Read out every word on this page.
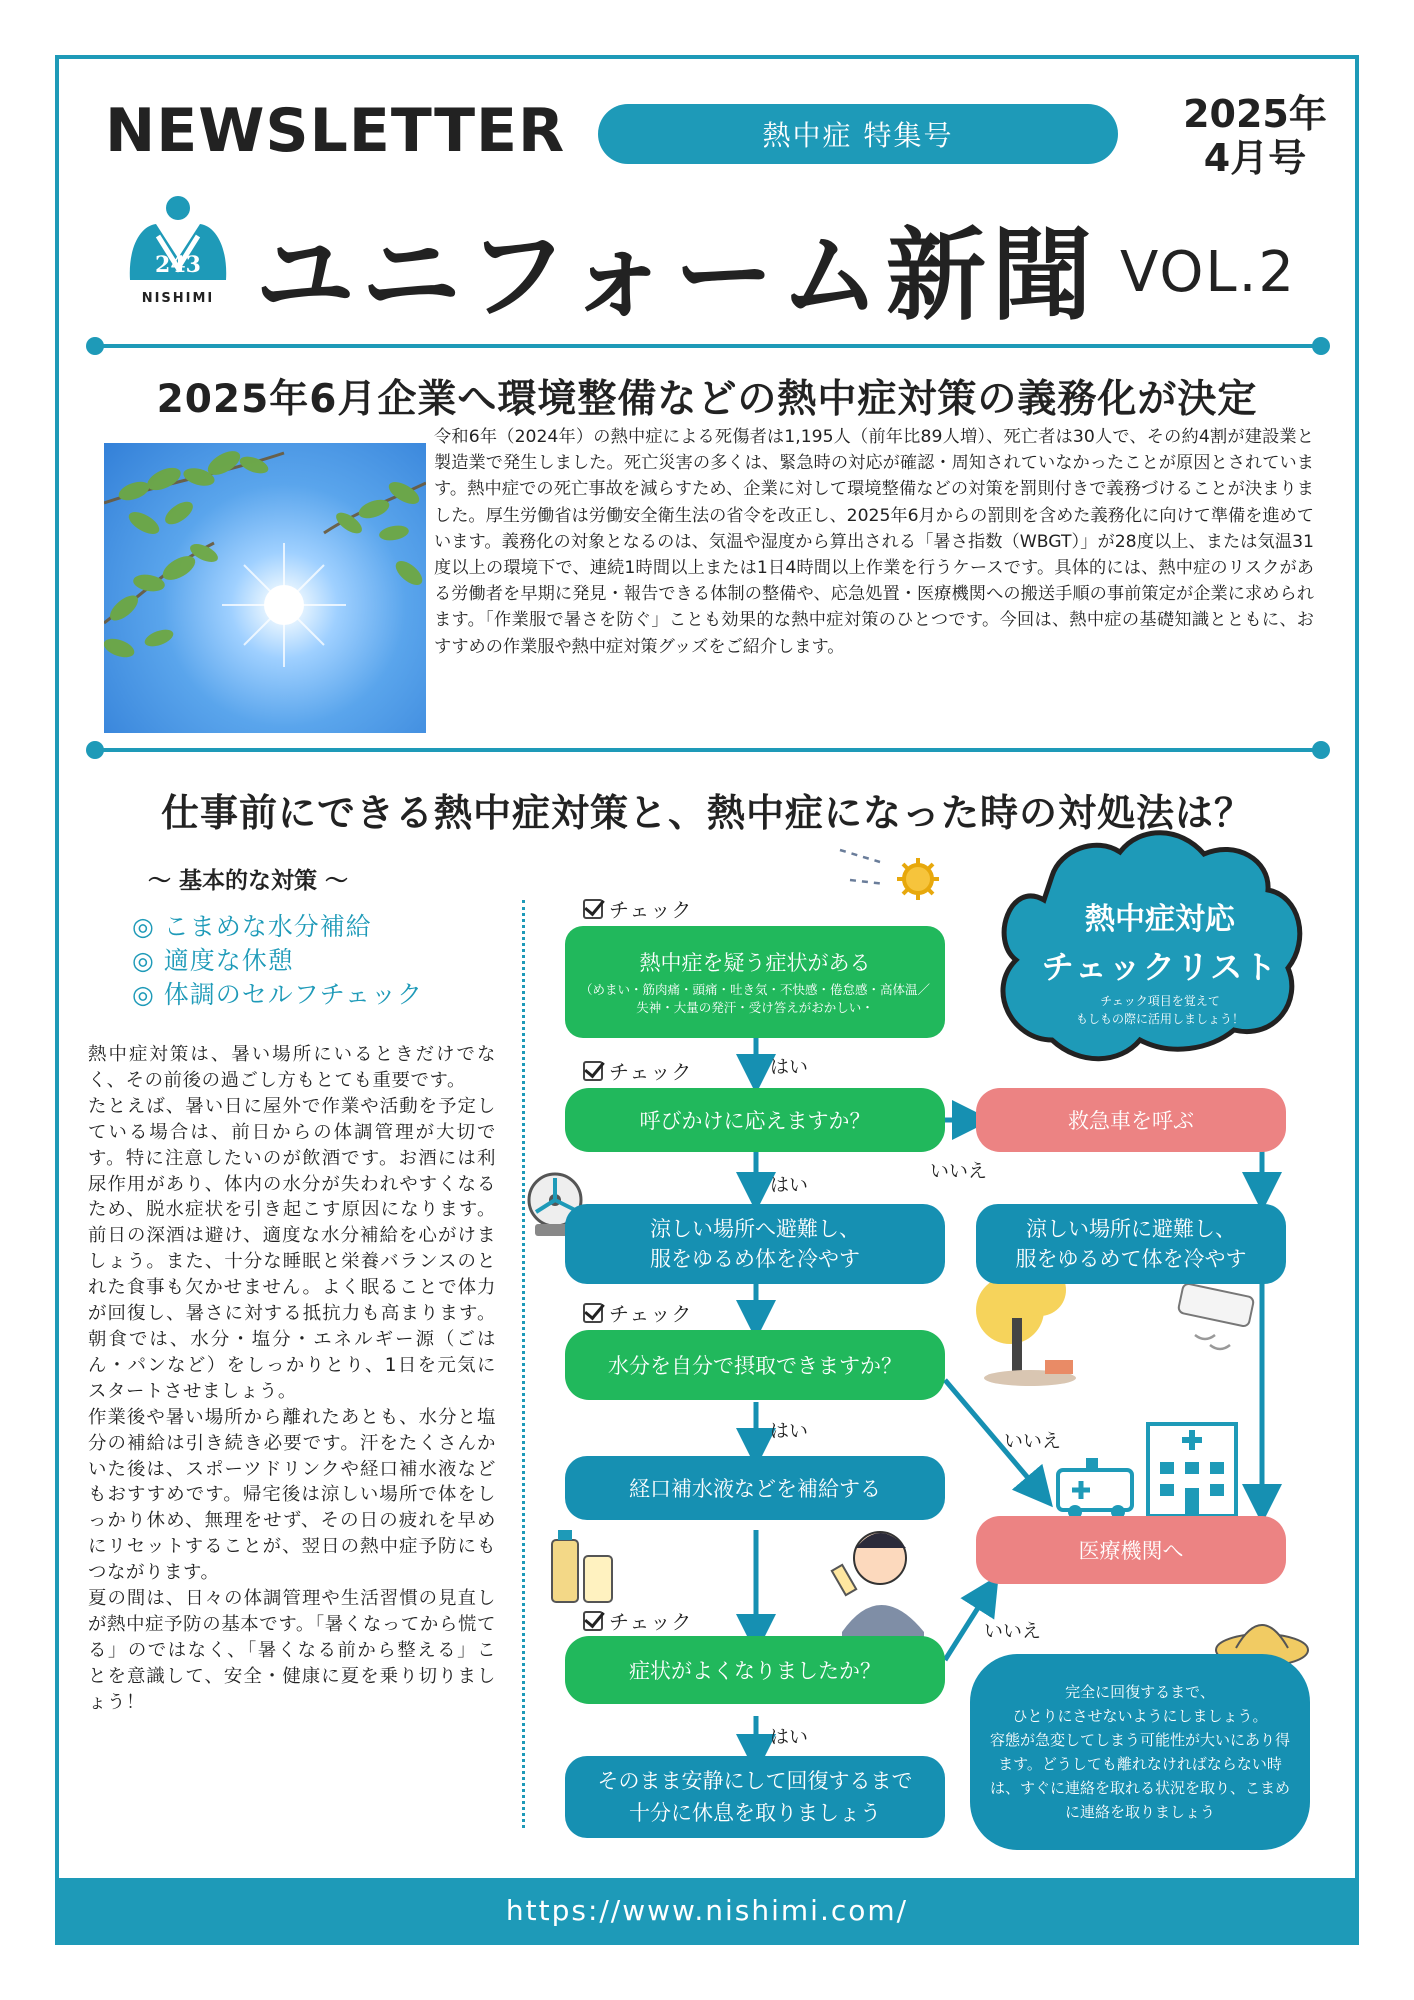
NEWSLETTER	熱中症 特集号	2025年
4月号
243
NISHIMI ユニフォーム新聞 VOL.2
2025年6月企業へ環境整備などの熱中症対策の義務化が決定
令和6年（2024年）の熱中症による死傷者は1,195人（前年比89人増）、死亡者は30人で、その約4割が建設業と製造業で発生しました。死亡災害の多くは、緊急時の対応が確認・周知されていなかったことが原因とされています。熱中症での死亡事故を減らすため、企業に対して環境整備などの対策を罰則付きで義務づけることが決まりました。厚生労働省は労働安全衛生法の省令を改正し、2025年6月からの罰則を含めた義務化に向けて準備を進めています。義務化の対象となるのは、気温や湿度から算出される「暑さ指数（WBGT）」が28度以上、または気温31度以上の環境下で、連続1時間以上または1日4時間以上作業を行うケースです。具体的には、熱中症のリスクがある労働者を早期に発見・報告できる体制の整備や、応急処置・医療機関への搬送手順の事前策定が企業に求められます。「作業服で暑さを防ぐ」ことも効果的な熱中症対策のひとつです。今回は、熱中症の基礎知識とともに、おすすめの作業服や熱中症対策グッズをご紹介します。
仕事前にできる熱中症対策と、熱中症になった時の対処法は？
～ 基本的な対策 ～
◎ こまめな水分補給
◎ 適度な休憩
◎ 体調のセルフチェック
熱中症対策は、暑い場所にいるときだけでなく、その前後の過ごし方もとても重要です。
たとえば、暑い日に屋外で作業や活動を予定している場合は、前日からの体調管理が大切です。特に注意したいのが飲酒です。お酒には利尿作用があり、体内の水分が失われやすくなるため、脱水症状を引き起こす原因になります。前日の深酒は避け、適度な水分補給を心がけましょう。また、十分な睡眠と栄養バランスのとれた食事も欠かせません。よく眠ることで体力が回復し、暑さに対する抵抗力も高まります。朝食では、水分・塩分・エネルギー源（ごはん・パンなど）をしっかりとり、1日を元気にスタートさせましょう。
作業後や暑い場所から離れたあとも、水分と塩分の補給は引き続き必要です。汗をたくさんかいた後は、スポーツドリンクや経口補水液などもおすすめです。帰宅後は涼しい場所で体をしっかり休め、無理をせず、その日の疲れを早めにリセットすることが、翌日の熱中症予防にもつながります。
夏の間は、日々の体調管理や生活習慣の見直しが熱中症予防の基本です。「暑くなってから慌てる」のではなく、「暑くなる前から整える」ことを意識して、安全・健康に夏を乗り切りましょう！
熱中症対応
チェックリスト
チェック項目を覚えて
もしもの際に活用しましょう！
チェック
チェック
チェック
チェック
熱中症を疑う症状がある
（めまい・筋肉痛・頭痛・吐き気・不快感・倦怠感・高体温／失神・大量の発汗・受け答えがおかしい・
呼びかけに応えますか？	救急車を呼ぶ
涼しい場所へ避難し、
服をゆるめ体を冷やす
涼しい場所に避難し、
服をゆるめて体を冷やす
水分を自分で摂取できますか？
経口補水液などを補給する
医療機関へ
症状がよくなりましたか？
そのまま安静にして回復するまで
十分に休息を取りましょう
完全に回復するまで、
ひとりにさせないようにしましょう。
容態が急変してしまう可能性が大いにあり得ます。どうしても離れなければならない時は、すぐに連絡を取れる状況を取り、こまめに連絡を取りましょう
はい
はい
いいえ
はい	いいえ
いいえ
はい
https://www.nishimi.com/
